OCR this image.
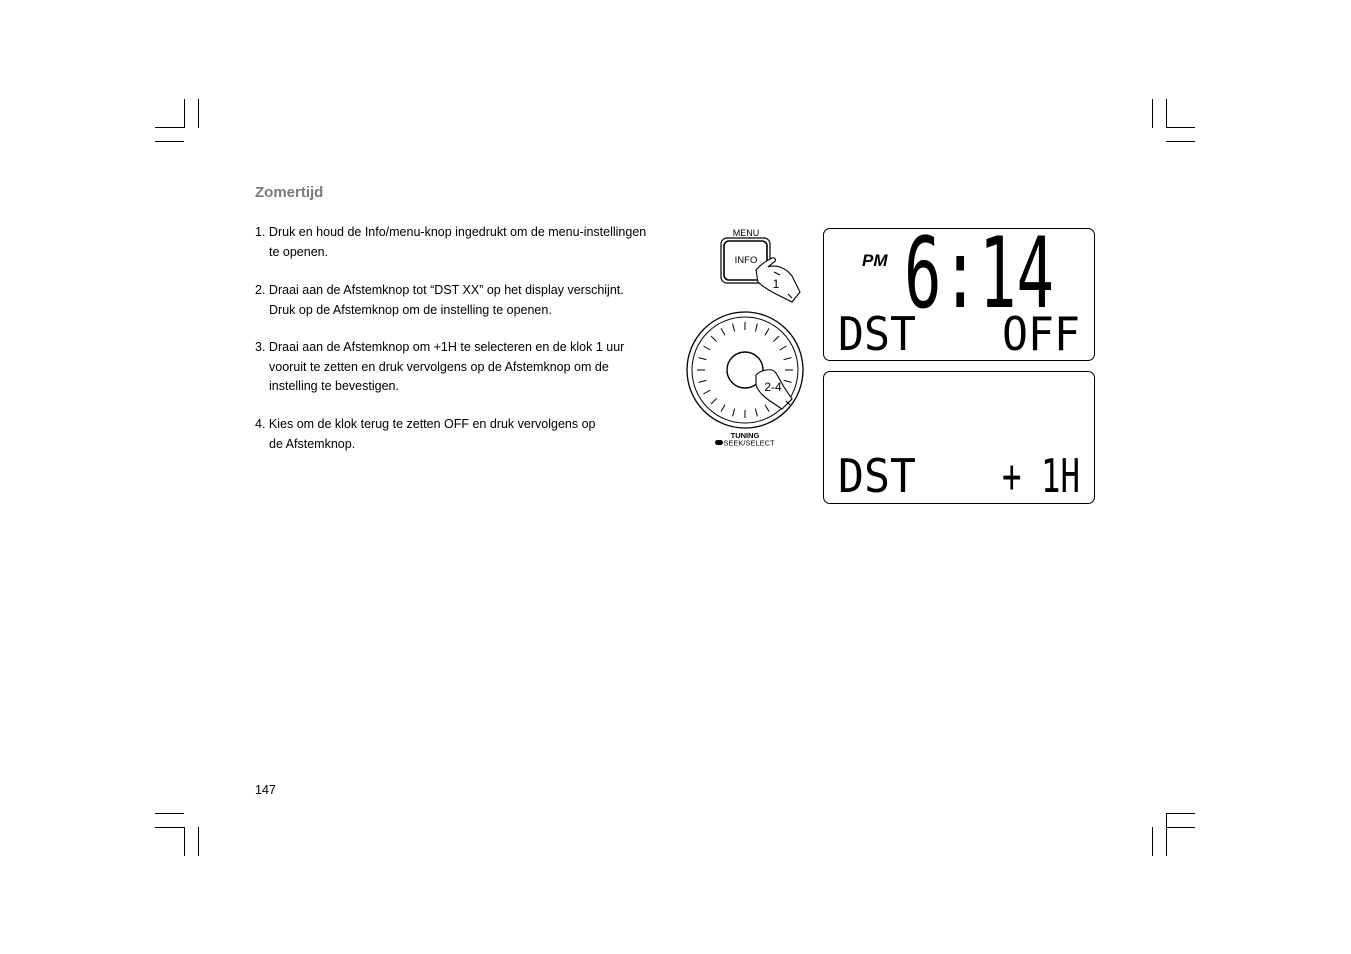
Zomertijd
1. Druk en houd de Info/menu-knop ingedrukt om de menu-instellingen
te openen.
2. Draai aan de Afstemknop tot “DST XX” op het display verschijnt.
Druk op de Afstemknop om de instelling te openen.
3. Draai aan de Afstemknop om +1H te selecteren en de klok 1 uur
vooruit te zetten en druk vervolgens op de Afstemknop om de
instelling te bevestigen.
4. Kies om de klok terug te zetten OFF en druk vervolgens op
de Afstemknop.
MENU
INFO
1
2-4
TUNING
SEEK/SELECT
PM 6:14
DST OFF
DST + 1H
147
